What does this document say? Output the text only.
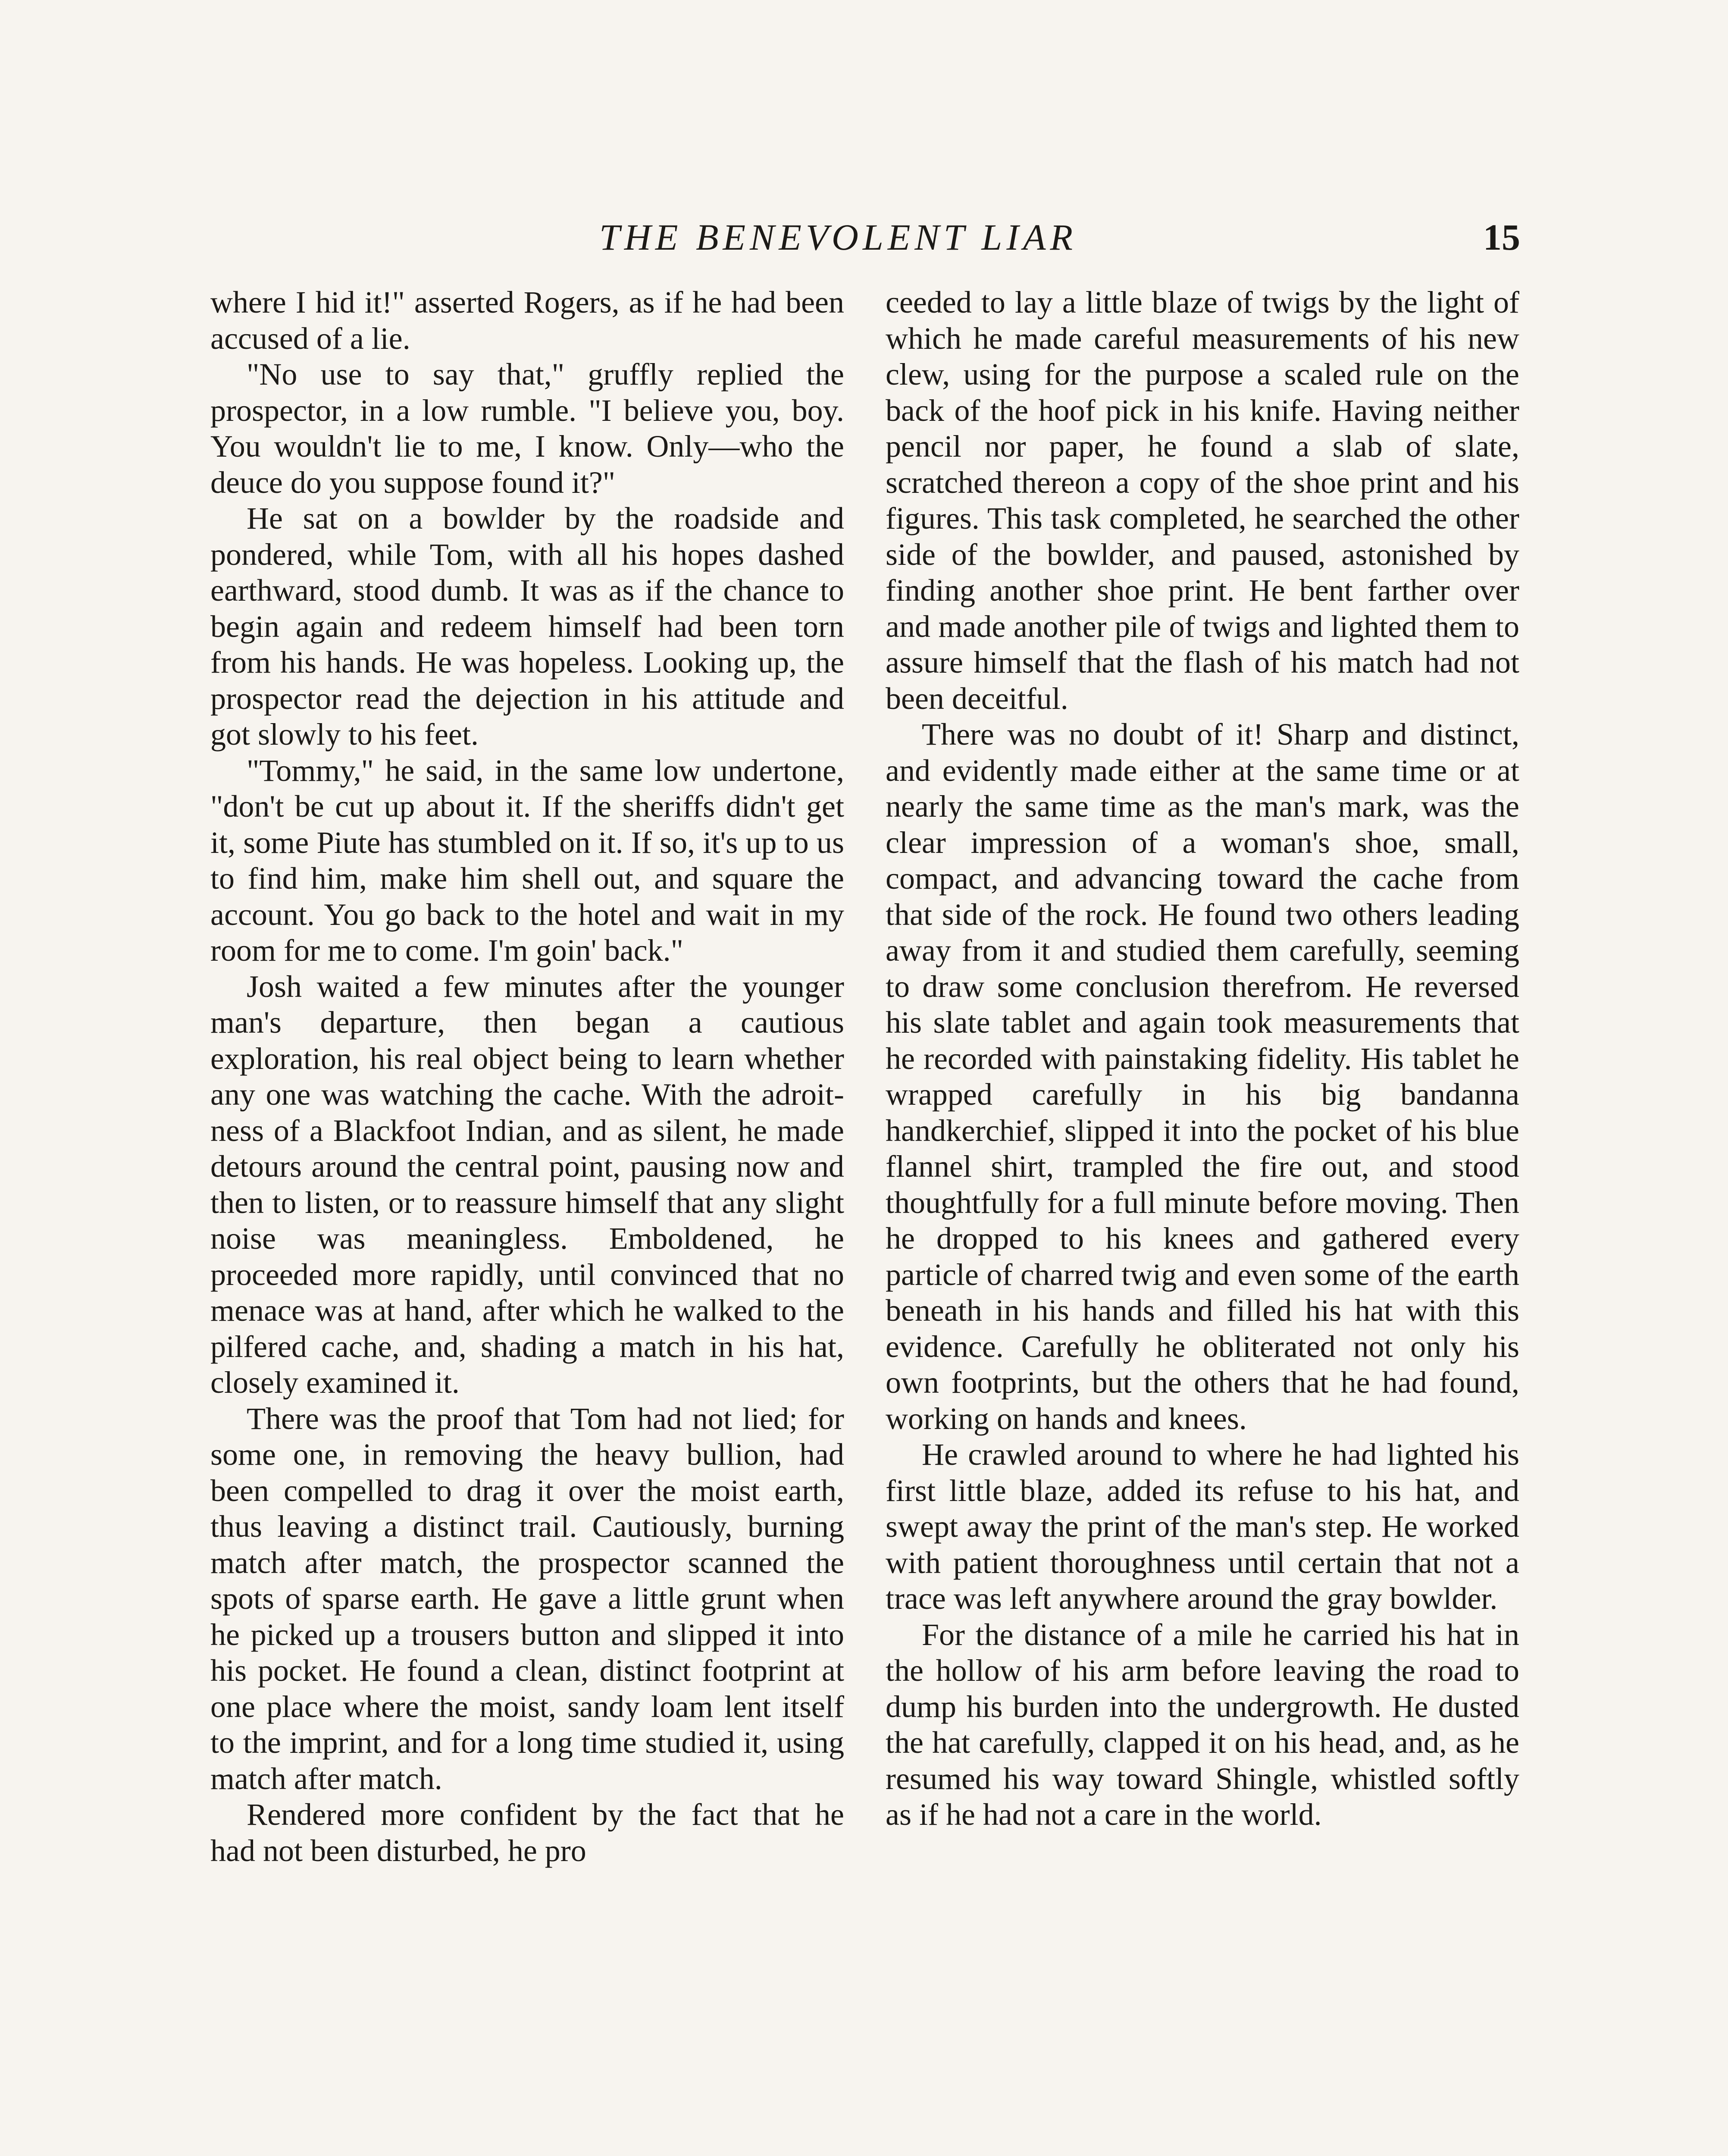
THE BENEVOLENT LIAR	15

where I hid it!" asserted Rogers, as if he had been accused of a lie.

"No use to say that," gruffly replied the prospector, in a low rumble. "I believe you, boy. You wouldn't lie to me, I know. Only—who the deuce do you suppose found it?"

He sat on a bowlder by the roadside and pondered, while Tom, with all his hopes dashed earthward, stood dumb. It was as if the chance to begin again and redeem himself had been torn from his hands. He was hopeless. Looking up, the prospector read the dejection in his attitude and got slowly to his feet.

"Tommy," he said, in the same low undertone, "don't be cut up about it. If the sheriffs didn't get it, some Piute has stumbled on it. If so, it's up to us to find him, make him shell out, and square the account. You go back to the hotel and wait in my room for me to come. I'm goin' back."

Josh waited a few minutes after the younger man's departure, then began a cautious exploration, his real object being to learn whether any one was watching the cache. With the adroitness of a Blackfoot Indian, and as silent, he made detours around the central point, pausing now and then to listen, or to reassure himself that any slight noise was meaningless. Emboldened, he proceeded more rapidly, until convinced that no menace was at hand, after which he walked to the pilfered cache, and, shading a match in his hat, closely examined it.

There was the proof that Tom had not lied; for some one, in removing the heavy bullion, had been compelled to drag it over the moist earth, thus leaving a distinct trail. Cautiously, burning match after match, the prospector scanned the spots of sparse earth. He gave a little grunt when he picked up a trousers button and slipped it into his pocket. He found a clean, distinct footprint at one place where the moist, sandy loam lent itself to the imprint, and for a long time studied it, using match after match.

Rendered more confident by the fact that he had not been disturbed, he pro

ceeded to lay a little blaze of twigs by the light of which he made careful measurements of his new clew, using for the purpose a scaled rule on the back of the hoof pick in his knife. Having neither pencil nor paper, he found a slab of slate, scratched thereon a copy of the shoe print and his figures. This task completed, he searched the other side of the bowlder, and paused, astonished by finding another shoe print. He bent farther over and made another pile of twigs and lighted them to assure himself that the flash of his match had not been deceitful.

There was no doubt of it! Sharp and distinct, and evidently made either at the same time or at nearly the same time as the man's mark, was the clear impression of a woman's shoe, small, compact, and advancing toward the cache from that side of the rock. He found two others leading away from it and studied them carefully, seeming to draw some conclusion therefrom. He reversed his slate tablet and again took measurements that he recorded with painstaking fidelity. His tablet he wrapped carefully in his big bandanna handkerchief, slipped it into the pocket of his blue flannel shirt, trampled the fire out, and stood thoughtfully for a full minute before moving. Then he dropped to his knees and gathered every particle of charred twig and even some of the earth beneath in his hands and filled his hat with this evidence. Carefully he obliterated not only his own footprints, but the others that he had found, working on hands and knees.

He crawled around to where he had lighted his first little blaze, added its refuse to his hat, and swept away the print of the man's step. He worked with patient thoroughness until certain that not a trace was left anywhere around the gray bowlder.

For the distance of a mile he carried his hat in the hollow of his arm before leaving the road to dump his burden into the undergrowth. He dusted the hat carefully, clapped it on his head, and, as he resumed his way toward Shingle, whistled softly as if he had not a care in the world.
